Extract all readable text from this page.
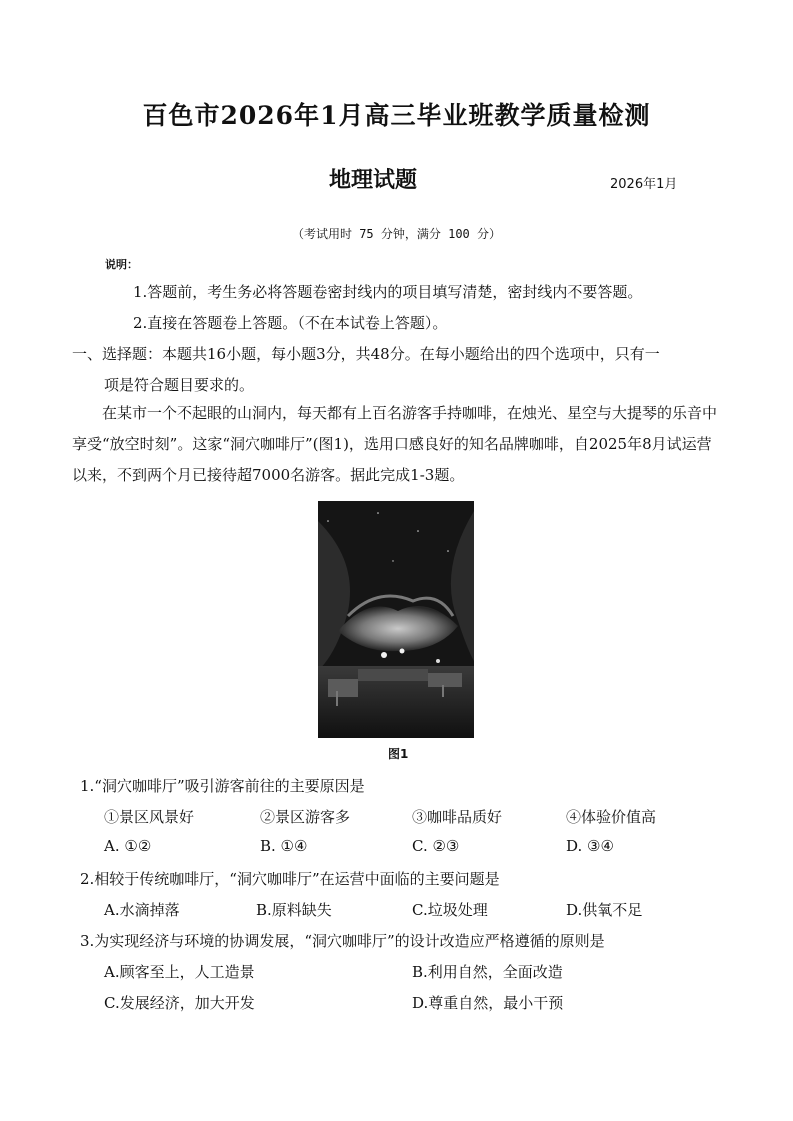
百色市2026年1月高三毕业班教学质量检测
地理试题	2026年1月
（考试用时 75 分钟，满分 100 分）
说明：
1.答题前，考生务必将答题卷密封线内的项目填写清楚，密封线内不要答题。
2.直接在答题卷上答题。（不在本试卷上答题）。
一、选择题：本题共16小题，每小题3分，共48分。在每小题给出的四个选项中，只有一
项是符合题目要求的。
在某市一个不起眼的山洞内，每天都有上百名游客手持咖啡，在烛光、星空与大提琴的乐音中享受“放空时刻”。这家“洞穴咖啡厅”(图1)，选用口感良好的知名品牌咖啡，自2025年8月试运营以来，不到两个月已接待超7000名游客。据此完成1-3题。
图1
1.“洞穴咖啡厅”吸引游客前往的主要原因是
①景区风景好	②景区游客多	③咖啡品质好	④体验价值高
A. ①②	B. ①④	C. ②③	D. ③④
2.相较于传统咖啡厅，“洞穴咖啡厅”在运营中面临的主要问题是
A.水滴掉落	B.原料缺失	C.垃圾处理	D.供氧不足
3.为实现经济与环境的协调发展，“洞穴咖啡厅”的设计改造应严格遵循的原则是
A.顾客至上，人工造景	B.利用自然，全面改造
C.发展经济，加大开发	D.尊重自然，最小干预
